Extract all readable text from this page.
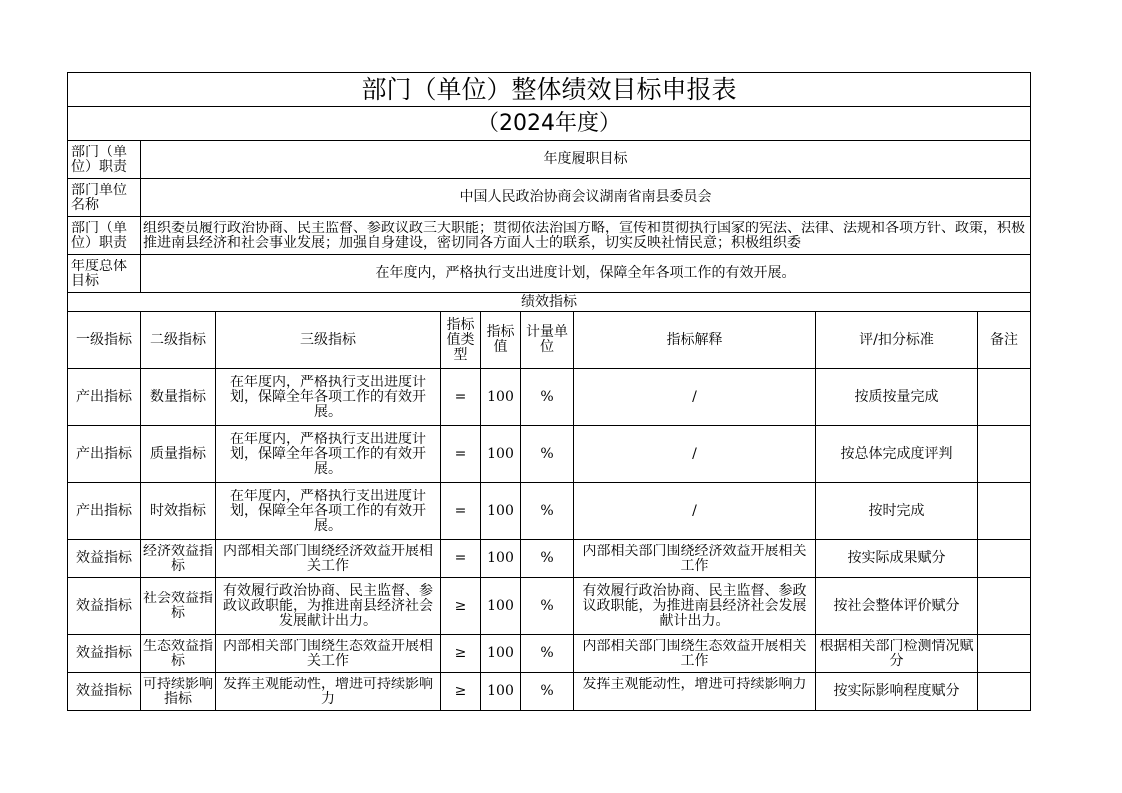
部门（单位）整体绩效目标申报表								
（2024年度）								

部门（单位）职责	年度履职目标							

部门单位名称	中国人民政治协商会议湖南省南县委员会							

部门（单位）职责	组织委员履行政治协商、民主监督、参政议政三大职能；贯彻依法治国方略，宣传和贯彻执行国家的宪法、法律、法规和各项方针、政策，积极推进南县经济和社会事业发展；加强自身建设，密切同各方面人士的联系，切实反映社情民意；积极组织委							

年度总体目标	在年度内，严格执行支出进度计划，保障全年各项工作的有效开展。							
绩效指标								
一级指标	二级指标	三级指标	指标值类型	指标值	计量单位	指标解释	评/扣分标准	备注
产出指标	数量指标	在年度内，严格执行支出进度计划，保障全年各项工作的有效开展。	=	100	%	/	按质按量完成	
产出指标	质量指标	在年度内，严格执行支出进度计划，保障全年各项工作的有效开展。	=	100	%	/	按总体完成度评判	
产出指标	时效指标	在年度内，严格执行支出进度计划，保障全年各项工作的有效开展。	=	100	%	/	按时完成	
效益指标	经济效益指标	内部相关部门围绕经济效益开展相关工作	=	100	%	内部相关部门围绕经济效益开展相关工作	按实际成果赋分	
效益指标	社会效益指标	有效履行政治协商、民主监督、参政议政职能，为推进南县经济社会发展献计出力。	≥	100	%	有效履行政治协商、民主监督、参政议政职能，为推进南县经济社会发展献计出力。	按社会整体评价赋分	
效益指标	生态效益指标	内部相关部门围绕生态效益开展相关工作	≥	100	%	内部相关部门围绕生态效益开展相关工作	根据相关部门检测情况赋分	

效益指标	可持续影响指标	发挥主观能动性，增进可持续影响力	≥	100	%	发挥主观能动性，增进可持续影响力	按实际影响程度赋分	
